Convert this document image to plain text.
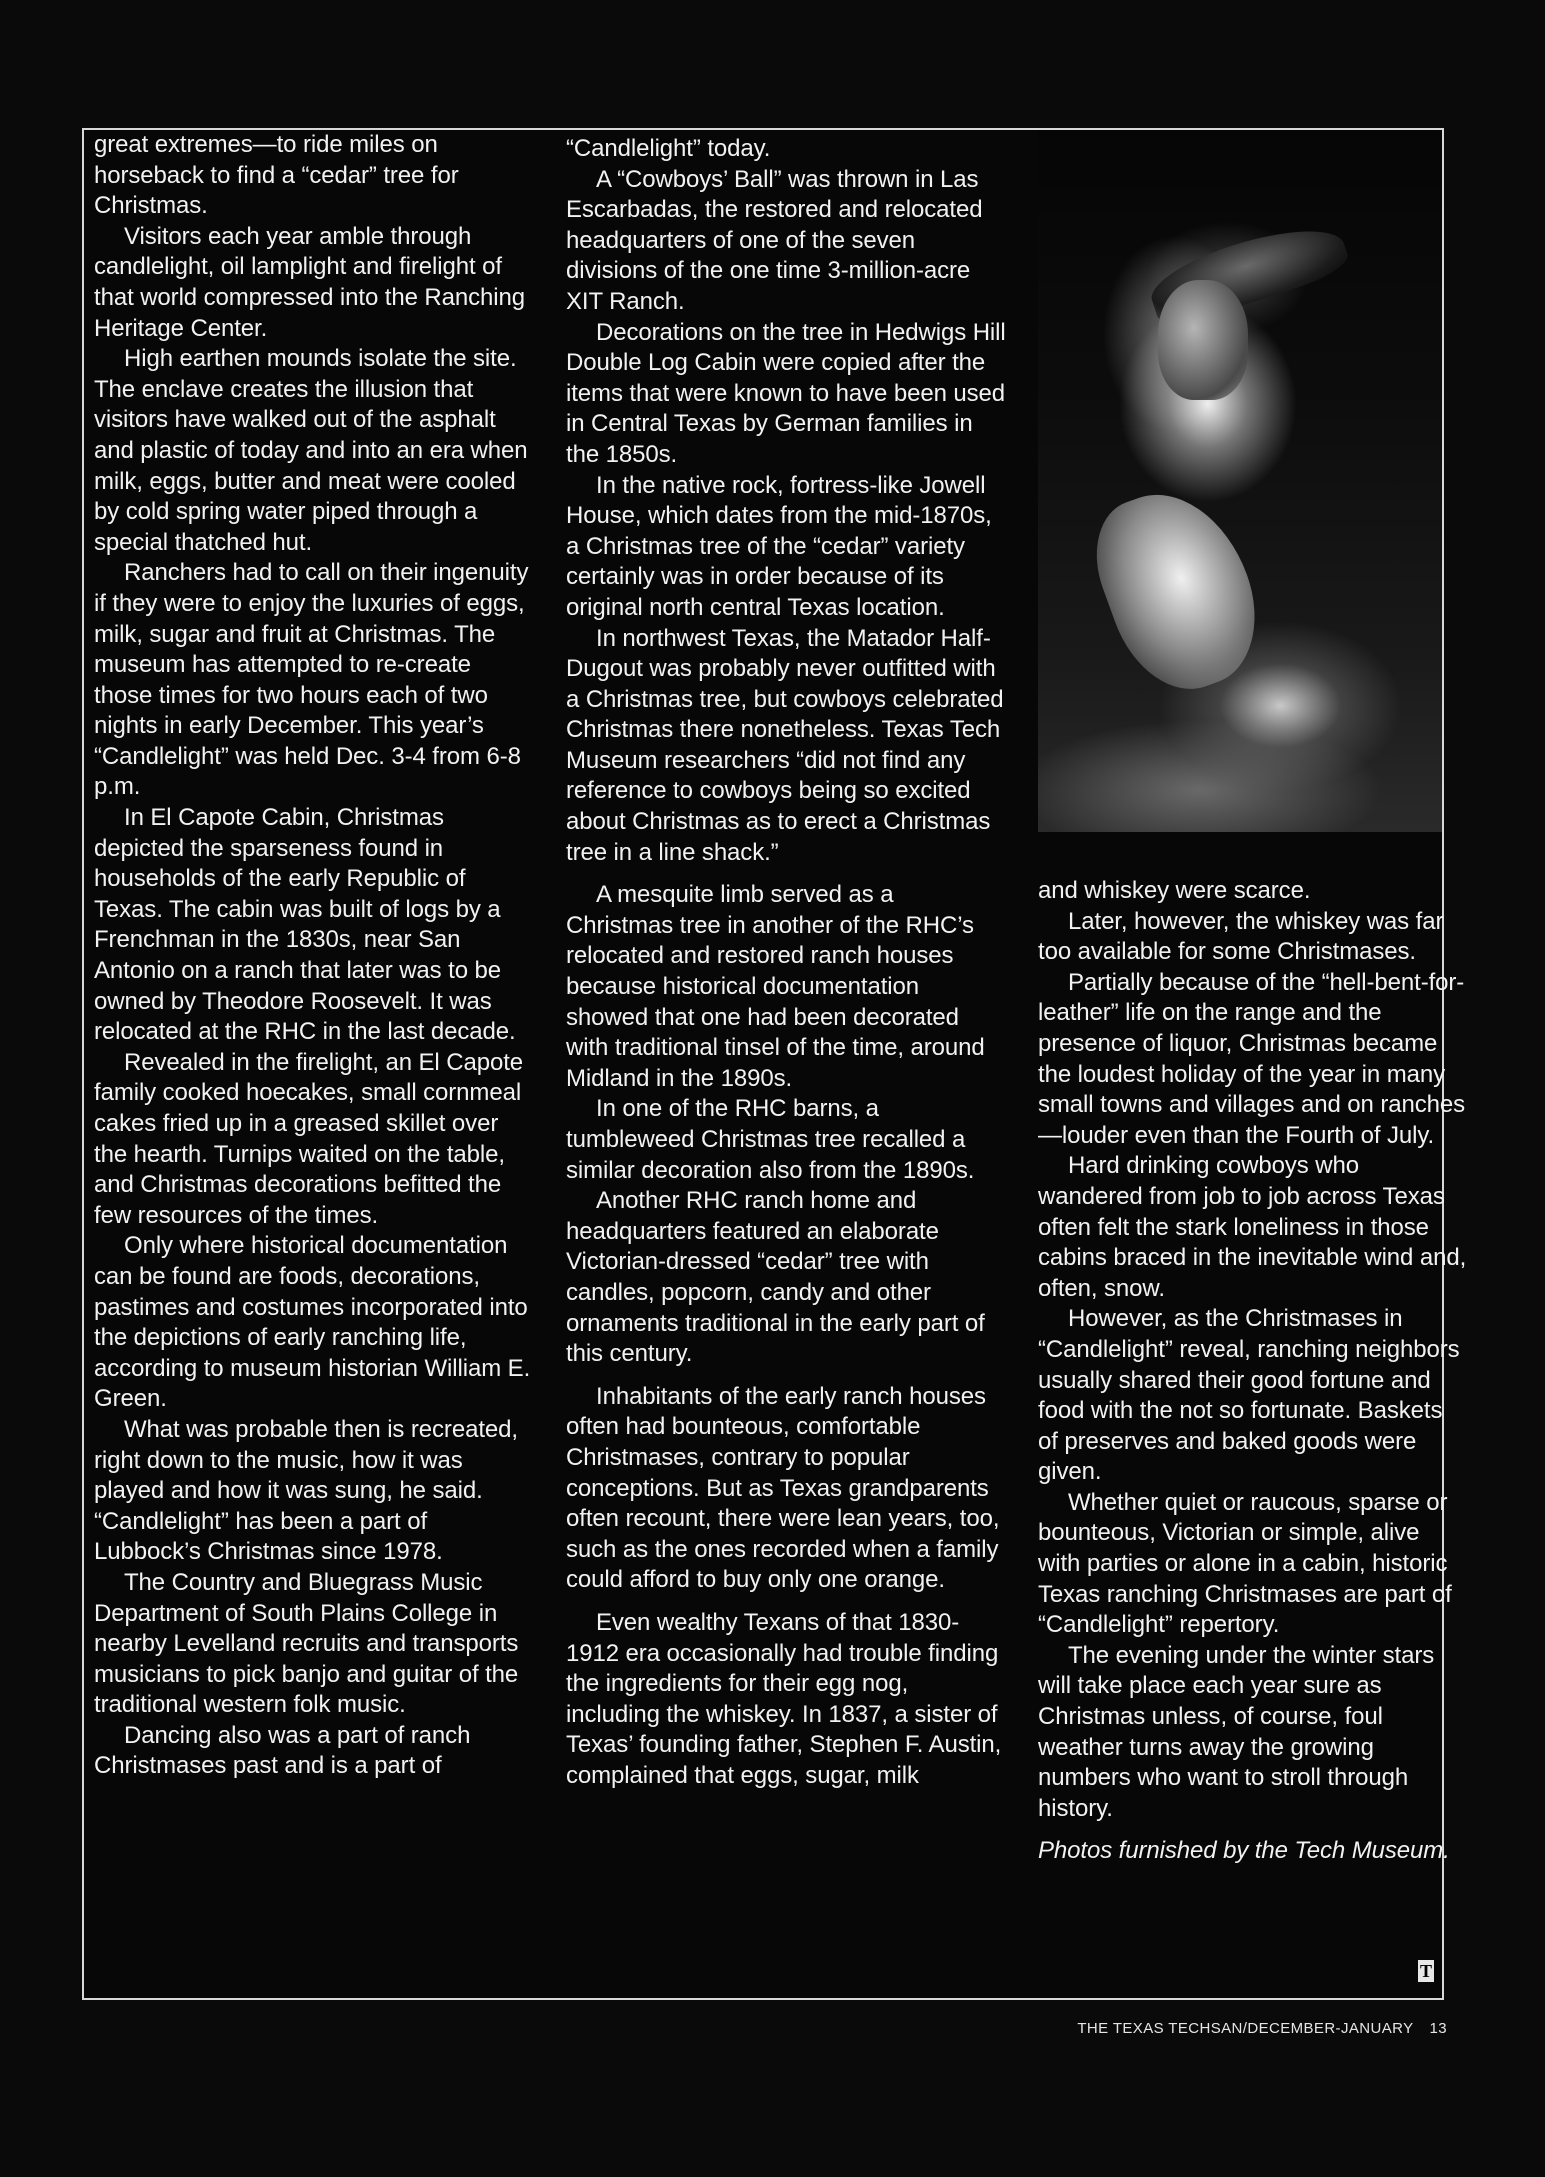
great extremes—to ride miles on horseback to find a “cedar” tree for Christmas.

Visitors each year amble through candlelight, oil lamplight and firelight of that world compressed into the Ranching Heritage Center.

High earthen mounds isolate the site. The enclave creates the illusion that visitors have walked out of the asphalt and plastic of today and into an era when milk, eggs, butter and meat were cooled by cold spring water piped through a special thatched hut.

Ranchers had to call on their ingenuity if they were to enjoy the luxuries of eggs, milk, sugar and fruit at Christmas. The museum has attempted to re-create those times for two hours each of two nights in early December. This year’s “Candlelight” was held Dec. 3-4 from 6-8 p.m.

In El Capote Cabin, Christmas depicted the sparseness found in households of the early Republic of Texas. The cabin was built of logs by a Frenchman in the 1830s, near San Antonio on a ranch that later was to be owned by Theodore Roosevelt. It was relocated at the RHC in the last decade.

Revealed in the firelight, an El Capote family cooked hoecakes, small cornmeal cakes fried up in a greased skillet over the hearth. Turnips waited on the table, and Christmas decorations befitted the few resources of the times.

Only where historical documentation can be found are foods, decorations, pastimes and costumes incorporated into the depictions of early ranching life, according to museum historian William E. Green.

What was probable then is recreated, right down to the music, how it was played and how it was sung, he said. “Candlelight” has been a part of Lubbock’s Christmas since 1978.

The Country and Bluegrass Music Department of South Plains College in nearby Levelland recruits and transports musicians to pick banjo and guitar of the traditional western folk music.

Dancing also was a part of ranch Christmases past and is a part of

“Candlelight” today.

A “Cowboys’ Ball” was thrown in Las Escarbadas, the restored and relocated headquarters of one of the seven divisions of the one time 3-million-acre XIT Ranch.

Decorations on the tree in Hedwigs Hill Double Log Cabin were copied after the items that were known to have been used in Central Texas by German families in the 1850s.

In the native rock, fortress-like Jowell House, which dates from the mid-1870s, a Christmas tree of the “cedar” variety certainly was in order because of its original north central Texas location.

In northwest Texas, the Matador Half-Dugout was probably never outfitted with a Christmas tree, but cowboys celebrated Christmas there nonetheless. Texas Tech Museum researchers “did not find any reference to cowboys being so excited about Christmas as to erect a Christmas tree in a line shack.”

A mesquite limb served as a Christmas tree in another of the RHC’s relocated and restored ranch houses because historical documentation showed that one had been decorated with traditional tinsel of the time, around Midland in the 1890s.

In one of the RHC barns, a tumbleweed Christmas tree recalled a similar decoration also from the 1890s.

Another RHC ranch home and headquarters featured an elaborate Victorian-dressed “cedar” tree with candles, popcorn, candy and other ornaments traditional in the early part of this century.

Inhabitants of the early ranch houses often had bounteous, comfortable Christmases, contrary to popular conceptions. But as Texas grandparents often recount, there were lean years, too, such as the ones recorded when a family could afford to buy only one orange.

Even wealthy Texans of that 1830-1912 era occasionally had trouble finding the ingredients for their egg nog, including the whiskey. In 1837, a sister of Texas’ founding father, Stephen F. Austin, complained that eggs, sugar, milk

and whiskey were scarce.

Later, however, the whiskey was far too available for some Christmases.

Partially because of the “hell-bent-for-leather” life on the range and the presence of liquor, Christmas became the loudest holiday of the year in many small towns and villages and on ranches—louder even than the Fourth of July.

Hard drinking cowboys who wandered from job to job across Texas often felt the stark loneliness in those cabins braced in the inevitable wind and, often, snow.

However, as the Christmases in “Candlelight” reveal, ranching neighbors usually shared their good fortune and food with the not so fortunate. Baskets of preserves and baked goods were given.

Whether quiet or raucous, sparse or bounteous, Victorian or simple, alive with parties or alone in a cabin, historic Texas ranching Christmases are part of “Candlelight” repertory.

The evening under the winter stars will take place each year sure as Christmas unless, of course, foul weather turns away the growing numbers who want to stroll through history.

Photos furnished by the Tech Museum.

T
THE TEXAS TECHSAN/DECEMBER-JANUARY 13
